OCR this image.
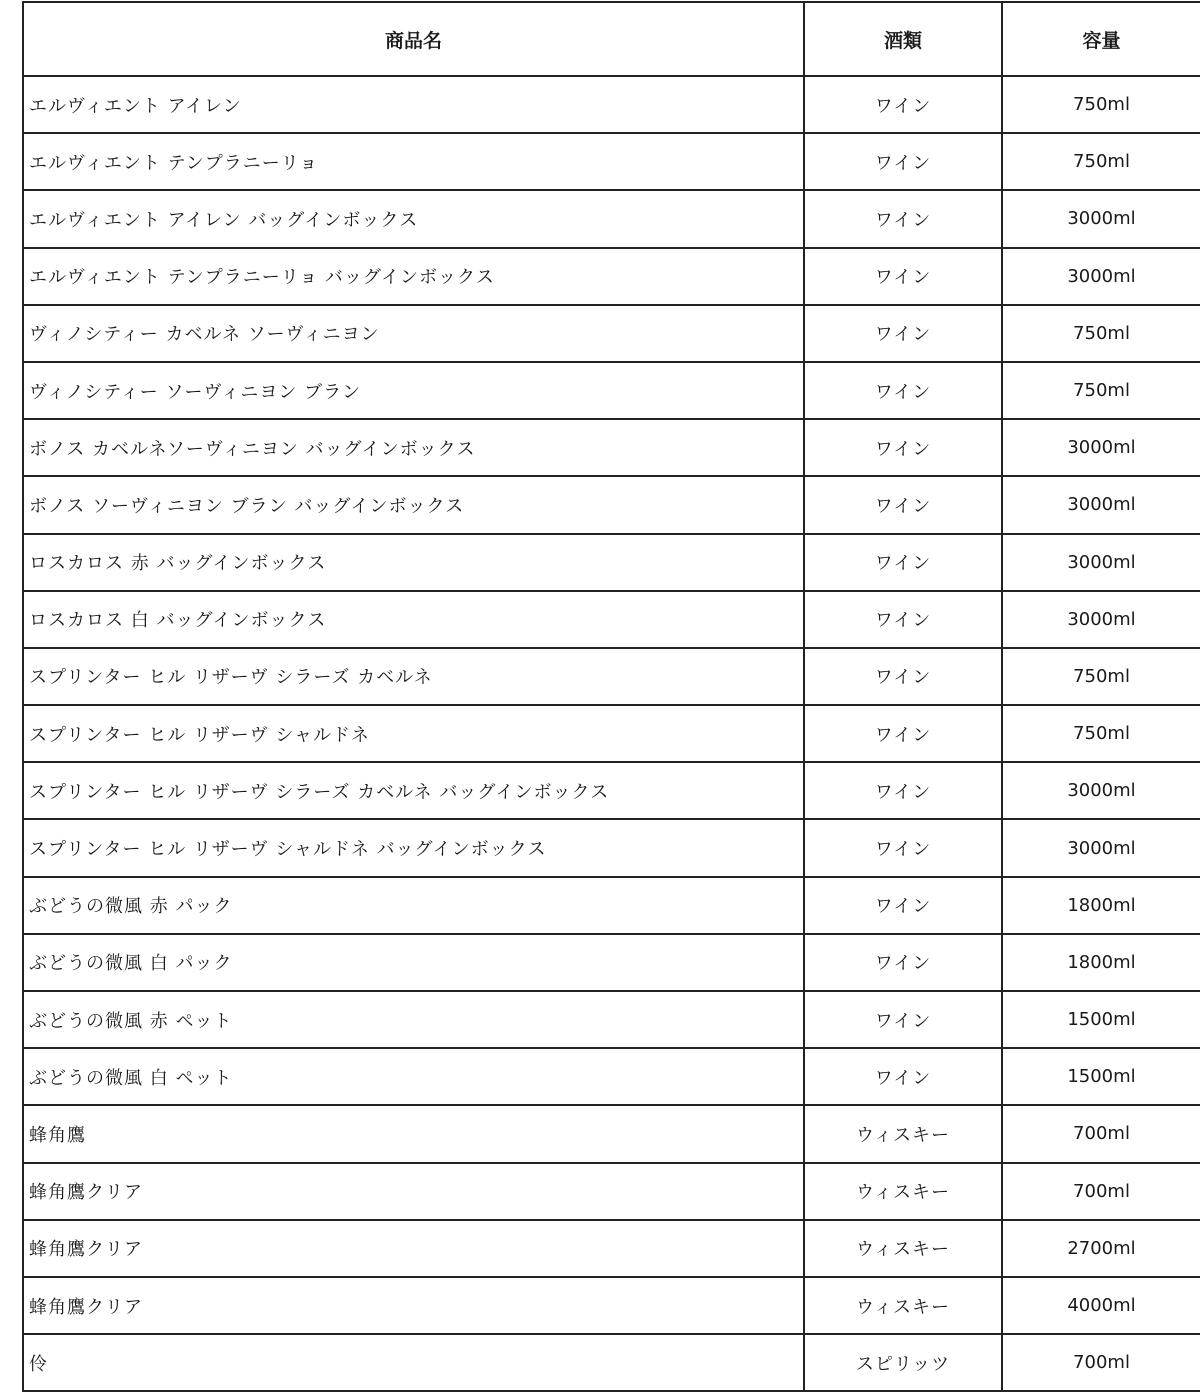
商品名	酒類	容量
エルヴィエント アイレン	ワイン	750ml
エルヴィエント テンプラニーリョ	ワイン	750ml
エルヴィエント アイレン バッグインボックス	ワイン	3000ml
エルヴィエント テンプラニーリョ バッグインボックス	ワイン	3000ml
ヴィノシティー カベルネ ソーヴィニヨン	ワイン	750ml
ヴィノシティー ソーヴィニヨン ブラン	ワイン	750ml
ボノス カベルネソーヴィニヨン バッグインボックス	ワイン	3000ml
ボノス ソーヴィニヨン ブラン バッグインボックス	ワイン	3000ml
ロスカロス 赤 バッグインボックス	ワイン	3000ml
ロスカロス 白 バッグインボックス	ワイン	3000ml
スプリンター ヒル リザーヴ シラーズ カベルネ	ワイン	750ml
スプリンター ヒル リザーヴ シャルドネ	ワイン	750ml
スプリンター ヒル リザーヴ シラーズ カベルネ バッグインボックス	ワイン	3000ml
スプリンター ヒル リザーヴ シャルドネ バッグインボックス	ワイン	3000ml
ぶどうの微風 赤 パック	ワイン	1800ml
ぶどうの微風 白 パック	ワイン	1800ml
ぶどうの微風 赤 ペット	ワイン	1500ml
ぶどうの微風 白 ペット	ワイン	1500ml
蜂角鷹	ウィスキー	700ml
蜂角鷹クリア	ウィスキー	700ml
蜂角鷹クリア	ウィスキー	2700ml
蜂角鷹クリア	ウィスキー	4000ml
伶	スピリッツ	700ml
